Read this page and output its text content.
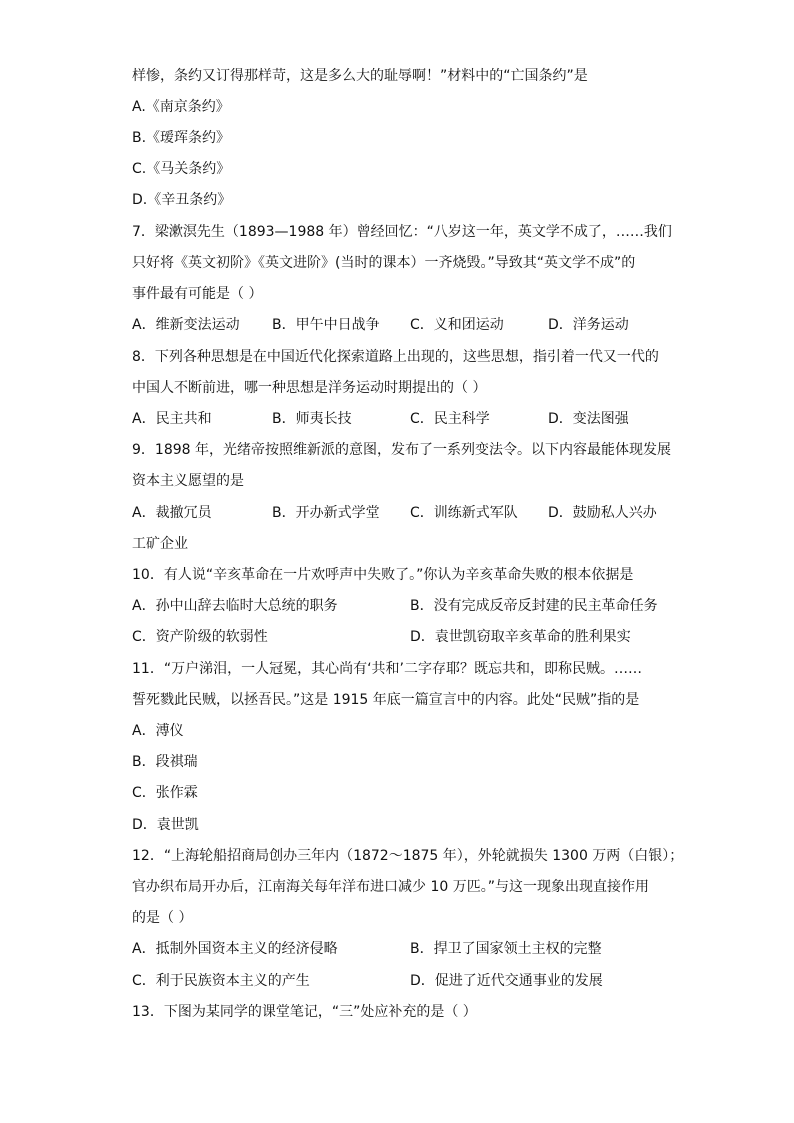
样惨，条约又订得那样苛，这是多么大的耻辱啊！”材料中的“亡国条约”是
A.《南京条约》
B.《瑷珲条约》
C.《马关条约》
D.《辛丑条约》
7．梁漱溟先生（1893—1988 年）曾经回忆：“八岁这一年，英文学不成了，……我们
只好将《英文初阶》《英文进阶》(当时的课本）一齐烧毁。”导致其“英文学不成”的
事件最有可能是（ ）
A．维新变法运动 B．甲午中日战争 C．义和团运动	D．洋务运动
8．下列各种思想是在中国近代化探索道路上出现的，这些思想，指引着一代又一代的
中国人不断前进，哪一种思想是洋务运动时期提出的（ ）
A．民主共和	B．师夷长技	C．民主科学	D．变法图强
9．1898 年，光绪帝按照维新派的意图，发布了一系列变法令。以下内容最能体现发展
资本主义愿望的是
A．裁撤冗员	B．开办新式学堂 C．训练新式军队 D．鼓励私人兴办
工矿企业
10．有人说“辛亥革命在一片欢呼声中失败了。”你认为辛亥革命失败的根本依据是
A．孙中山辞去临时大总统的职务	B．没有完成反帝反封建的民主革命任务
C．资产阶级的软弱性	D．袁世凯窃取辛亥革命的胜利果实
11．“万户涕泪，一人冠冕，其心尚有‘共和’二字存耶？既忘共和，即称民贼。……
誓死戮此民贼，以拯吾民。”这是 1915 年底一篇宣言中的内容。此处“民贼”指的是
A．溥仪
B．段祺瑞
C．张作霖
D．袁世凯
12．“上海轮船招商局创办三年内（1872～1875 年），外轮就损失 1300 万两（白银）；
官办织布局开办后，江南海关每年洋布进口减少 10 万匹。”与这一现象出现直接作用
的是（ ）
A．抵制外国资本主义的经济侵略	B．捍卫了国家领土主权的完整
C．利于民族资本主义的产生	D．促进了近代交通事业的发展
13．下图为某同学的课堂笔记，“三”处应补充的是（ ）
